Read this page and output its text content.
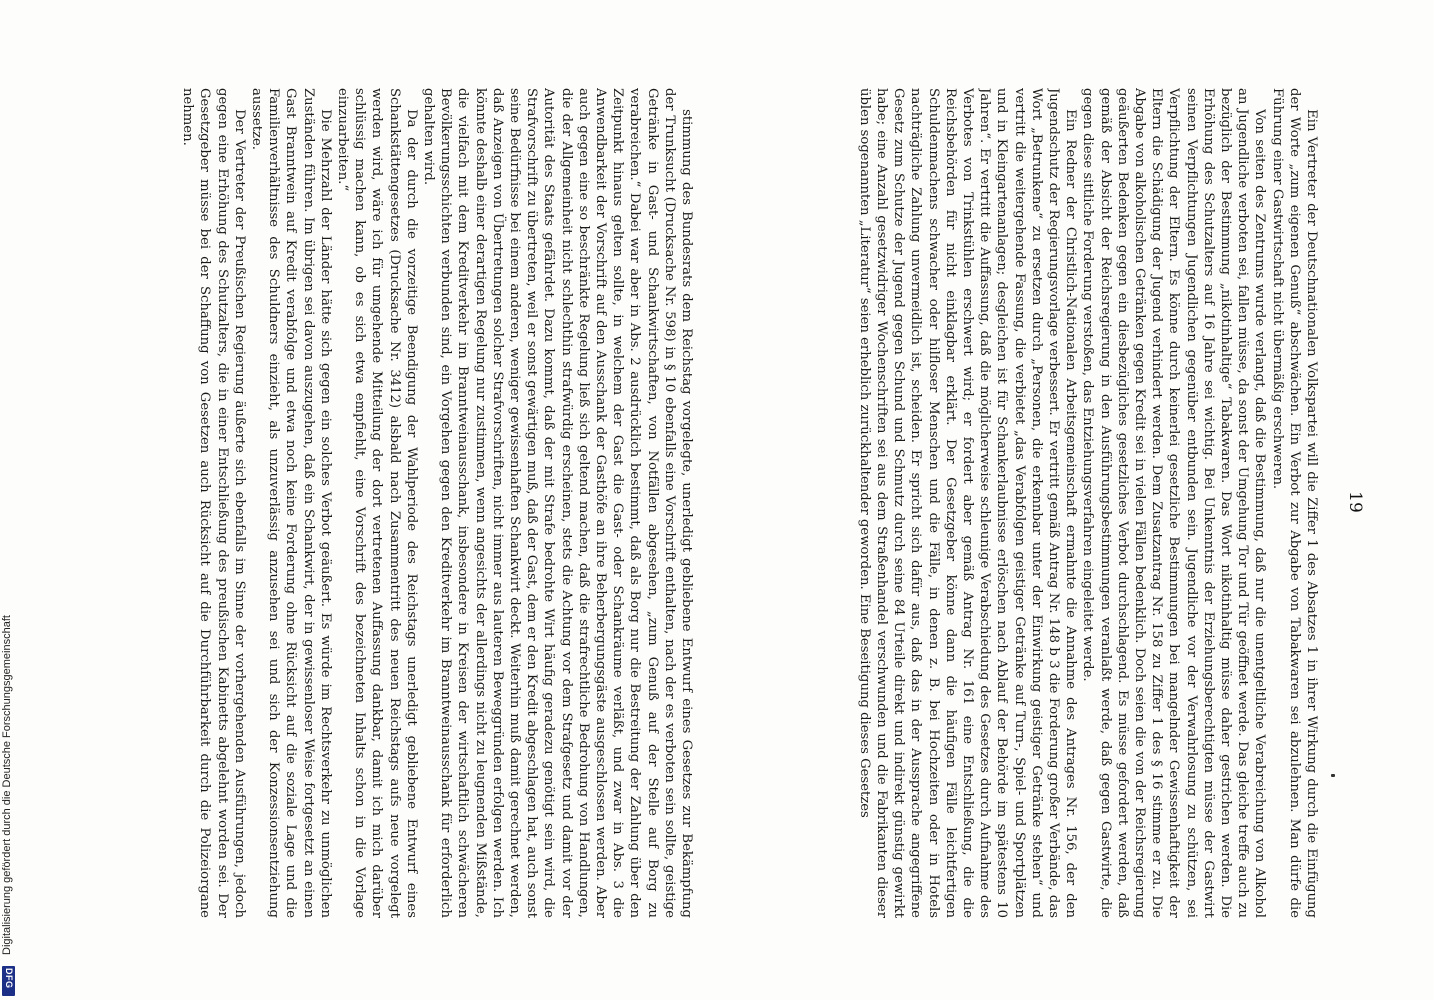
Digitalisierung gefördert durch die Deutsche Forschungsgemeinschaft
DFG

stimmung des Bundesrats dem Reichstag vorgelegte, unerledigt gebliebene Entwurf eines Gesetzes zur Bekämpfung der Trunksucht (Drucksache Nr. 598) in § 10 ebenfalls eine Vorschrift enthalten, nach der es verboten sein sollte, geistige Getränke in Gast- und Schankwirtschaften, von Notfällen abgesehen, „zum Genuß auf der Stelle auf Borg zu verabreichen.“ Dabei war aber in Abs. 2 ausdrücklich bestimmt, daß als Borg nur die Bestreitung der Zahlung über den Zeitpunkt hinaus gelten sollte, in welchem der Gast die Gast- oder Schankräume verläßt, und zwar in Abs. 3 die Anwendbarkeit der Vorschrift auf den Ausschank der Gasthöfe an ihre Beherbergungsgäste ausgeschlossen werden. Aber auch gegen eine so beschränkte Regelung ließ sich geltend machen, daß die strafrechtliche Bedrohung von Handlungen, die der Allgemeinheit nicht schlechthin strafwürdig erscheinen, stets die Achtung vor dem Strafgesetz und damit vor der Autorität des Staats gefährdet. Dazu kommt, daß der mit Strafe bedrohte Wirt häufig geradezu genötigt sein wird, die Strafvorschrift zu übertreten, weil er sonst gewärtigen muß, daß der Gast, dem er den Kredit abgeschlagen hat, auch sonst seine Bedürfnisse bei einem anderen, weniger gewissenhaften Schankwirt deckt. Weiterhin muß damit gerechnet werden, daß Anzeigen von Übertretungen solcher Strafvorschriften, nicht immer aus lauteren Beweggründen erfolgen werden. Ich könnte deshalb einer derartigen Regelung nur zustimmen, wenn angesichts der allerdings nicht zu leugnenden Mißstände, die vielfach mit dem Kreditverkehr im Branntweinausschank, insbesondere in Kreisen der wirtschaftlich schwächeren Bevölkerungsschichten verbunden sind, ein Vorgehen gegen den Kreditverkehr im Branntweinausschank für erforderlich gehalten wird.

Da der durch die vorzeitige Beendigung der Wahlperiode des Reichstags unerledigt gebliebene Entwurf eines Schankstättengesetzes (Drucksache Nr. 3412) alsbald nach Zusammentritt des neuen Reichstags aufs neue vorgelegt werden wird, wäre ich für umgehende Mitteilung der dort vertretenen Auffassung dankbar, damit ich mich darüber schlüssig machen kann, ob es sich etwa empfiehlt, eine Vorschrift des bezeichneten Inhalts schon in die Vorlage einzuarbeiten.“

Die Mehrzahl der Länder hätte sich gegen ein solches Verbot geäußert. Es würde im Rechtsverkehr zu unmöglichen Zuständen führen. Im übrigen sei davon auszugehen, daß ein Schankwirt, der in gewissenloser Weise fortgesetzt an einen Gast Branntwein auf Kredit verabfolge und etwa noch keine Forderung ohne Rücksicht auf die soziale Lage und die Familienverhältnisse des Schuldners einzieht, als unzuverlässig anzusehen sei und sich der Konzessionsentziehung aussetze.

Der Vertreter der Preußischen Regierung äußerte sich ebenfalls im Sinne der vorhergehenden Ausführungen, jedoch gegen eine Erhöhung des Schutzalters, die in einer Entschließung des preußischen Kabinetts abgelehnt worden sei. Der Gesetzgeber müsse bei der Schaffung von Gesetzen auch Rücksicht auf die Durchführbarkeit durch die Polizeiorgane nehmen.	Ein Vertreter der Deutschnationalen Volkspartei will die Ziffer 1 des Absatzes 1 in ihrer Wirkung durch die Einfügung der Worte „zum eigenen Genuß“ abschwächen. Ein Verbot zur Abgabe von Tabakwaren sei abzulehnen. Man dürfe die Führung einer Gastwirtschaft nicht übermäßig erschweren.

Von seiten des Zentrums wurde verlangt, daß die Bestimmung, daß nur die unentgeltliche Verabreichung von Alkohol an Jugendliche verboten sei, fallen müsse, da sonst der Umgehung Tor und Tür geöffnet werde. Das gleiche treffe auch zu bezüglich der Bestimmung „nikotinhaltige“ Tabakwaren. Das Wort nikotinhaltig müsse daher gestrichen werden. Die Erhöhung des Schutzalters auf 16 Jahre sei wichtig. Bei Unkenntnis der Erziehungsberechtigten müsse der Gastwirt seinen Verpflichtungen Jugendlichen gegenüber entbunden sein. Jugendliche vor der Verwahrlosung zu schützen, sei Verpflichtung der Eltern. Es könne durch keinerlei gesetzliche Bestimmungen bei mangelnder Gewissenhaftigkeit der Eltern die Schädigung der Jugend verhindert werden. Dem Zusatzantrag Nr. 158 zu Ziffer 1 des § 16 stimme er zu. Die Abgabe von alkoholischen Getränken gegen Kredit sei in vielen Fällen bedenklich. Doch seien die von der Reichsregierung geäußerten Bedenken gegen ein diesbezügliches gesetzliches Verbot durchschlagend. Es müsse gefordert werden, daß gemäß der Absicht der Reichsregierung in den Ausführungsbestimmungen veranlaßt werde, daß gegen Gastwirte, die gegen diese sittliche Forderung verstoßen, das Entziehungsverfahren eingeleitet werde.

Ein Redner der Christlich-Nationalen Arbeitsgemeinschaft ermahnte die Annahme des Antrages Nr. 156, der den Jugendschutz der Regierungsvorlage verbessert. Er vertritt gemäß Antrag Nr. 148 b 3 die Forderung großer Verbände, das Wort „Betrunkene“ zu ersetzen durch „Personen, die erkennbar unter der Einwirkung geistiger Getränke stehen“ und vertritt die weitergehende Fassung, die verbietet „das Verabfolgen geistiger Getränke auf Turn-, Spiel- und Sportplätzen und in Kleingartenanlagen; desgleichen ist für Schankerlaubnisse erlöschen nach Ablauf der Behörde im spätestens 10 Jahren“. Er vertritt die Auffassung, daß die möglicherweise schleunige Verabschiedung des Gesetzes durch Aufnahme des Verbotes von Trinkstühlen erschwert wird; er fordert aber gemäß Antrag Nr. 161 eine Entschließung, die die Reichsbehörden für nicht einklagbar erklärt. Der Gesetzgeber könne dann die häufigen Fälle leichtfertigen Schuldenmachens schwacher oder hilfloser Menschen und die Fälle, in denen z. B. bei Hochzeiten oder in Hotels nachträgliche Zahlung unvermeidlich ist, scheiden. Er spricht sich dafür aus, daß das in der Aussprache angegriffene Gesetz zum Schutze der Jugend gegen Schund und Schmutz durch seine 84 Urteile direkt und indirekt günstig gewirkt habe; eine Anzahl gesetzwidriger Wochenschriften sei aus dem Straßenhandel verschwunden und die Fabrikanten dieser üblen sogenannten „Literatur“ seien erheblich zurückhaltender geworden. Eine Beseitigung dieses Gesetzes	19
